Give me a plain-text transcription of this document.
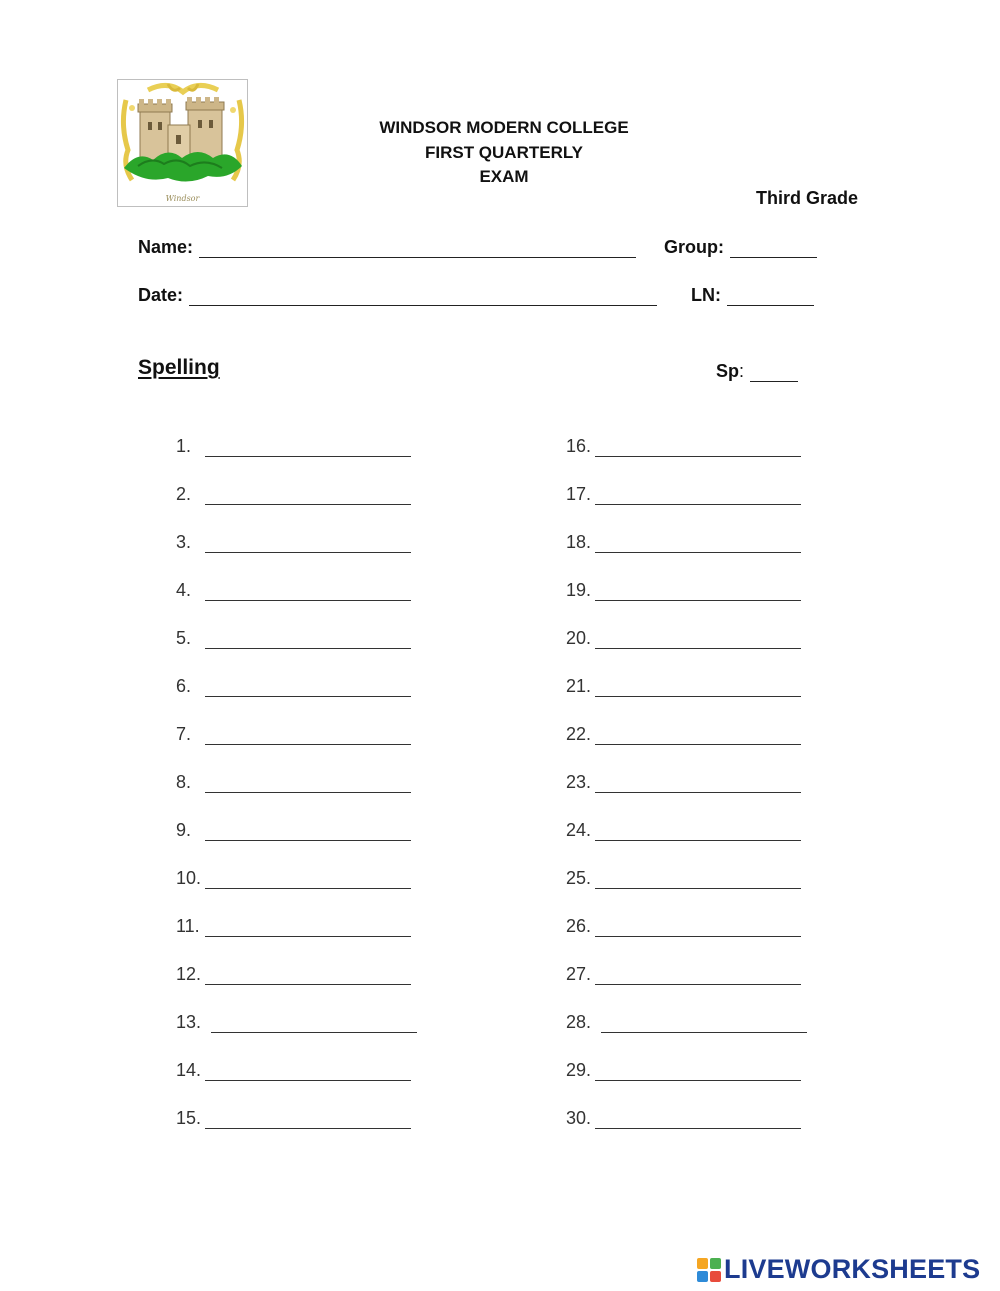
Windsor
WINDSOR MODERN COLLEGE
FIRST QUARTERLY
EXAM
Third Grade
Name:	Group:
Date:	LN:
Spelling	Sp :
1.
2.
3.
4.
5.
6.
7.
8.
9.
10.
11.
12.
13.
14.
15.
16.
17.
18.
19.
20.
21.
22.
23.
24.
25.
26.
27.
28.
29.
30.
LIVEWORKSHEETS
